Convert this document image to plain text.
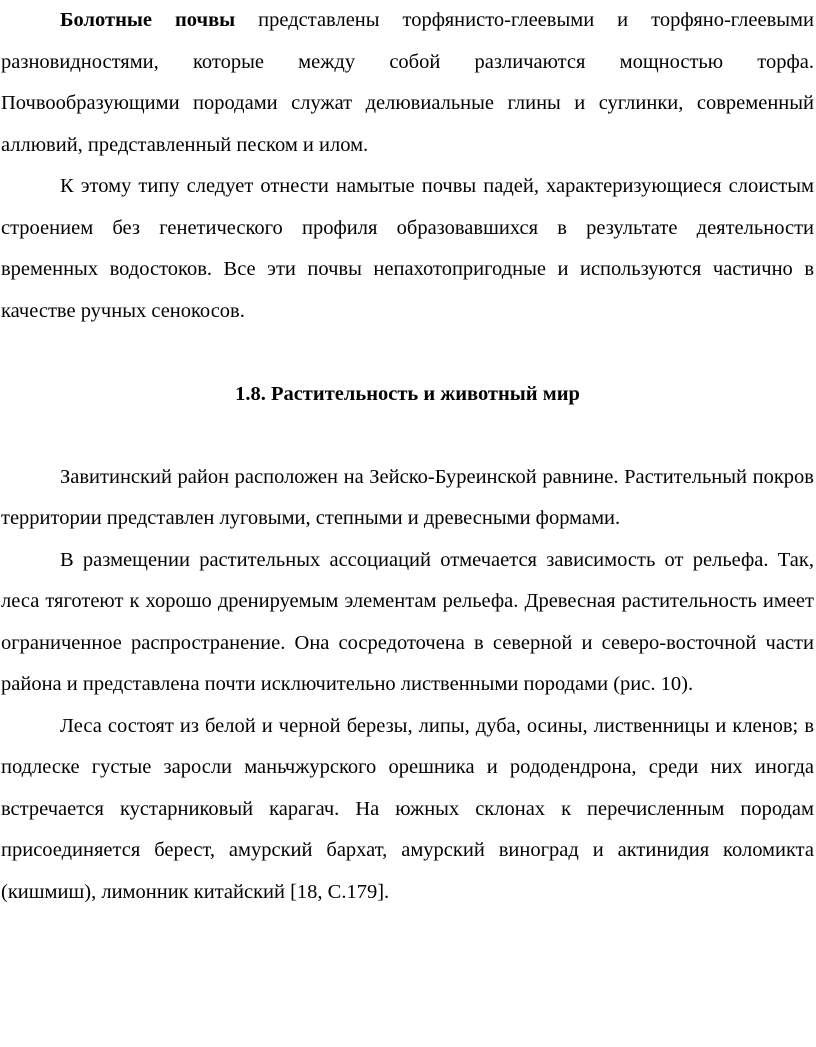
Болотные почвы представлены торфянисто-глеевыми и торфяно-глеевыми разновидностями, которые между собой различаются мощностью торфа. Почвообразующими породами служат делювиальные глины и суглинки, современный аллювий, представленный песком и илом.

К этому типу следует отнести намытые почвы падей, характеризующиеся слоистым строением без генетического профиля образовавшихся в результате деятельности временных водостоков. Все эти почвы непахотопригодные и используются частично в качестве ручных сенокосов.

1.8. Растительность и животный мир

Завитинский район расположен на Зейско-Буреинской равнине. Растительный покров территории представлен луговыми, степными и древесными формами.

В размещении растительных ассоциаций отмечается зависимость от рельефа. Так, леса тяготеют к хорошо дренируемым элементам рельефа. Древесная растительность имеет ограниченное распространение. Она сосредоточена в северной и северо-восточной части района и представлена почти исключительно лиственными породами (рис. 10).

Леса состоят из белой и черной березы, липы, дуба, осины, лиственницы и кленов; в подлеске густые заросли маньчжурского орешника и рододендрона, среди них иногда встречается кустарниковый карагач. На южных склонах к перечисленным породам присоединяется берест, амурский бархат, амурский виноград и актинидия коломикта (кишмиш), лимонник китайский [18, С.179].
